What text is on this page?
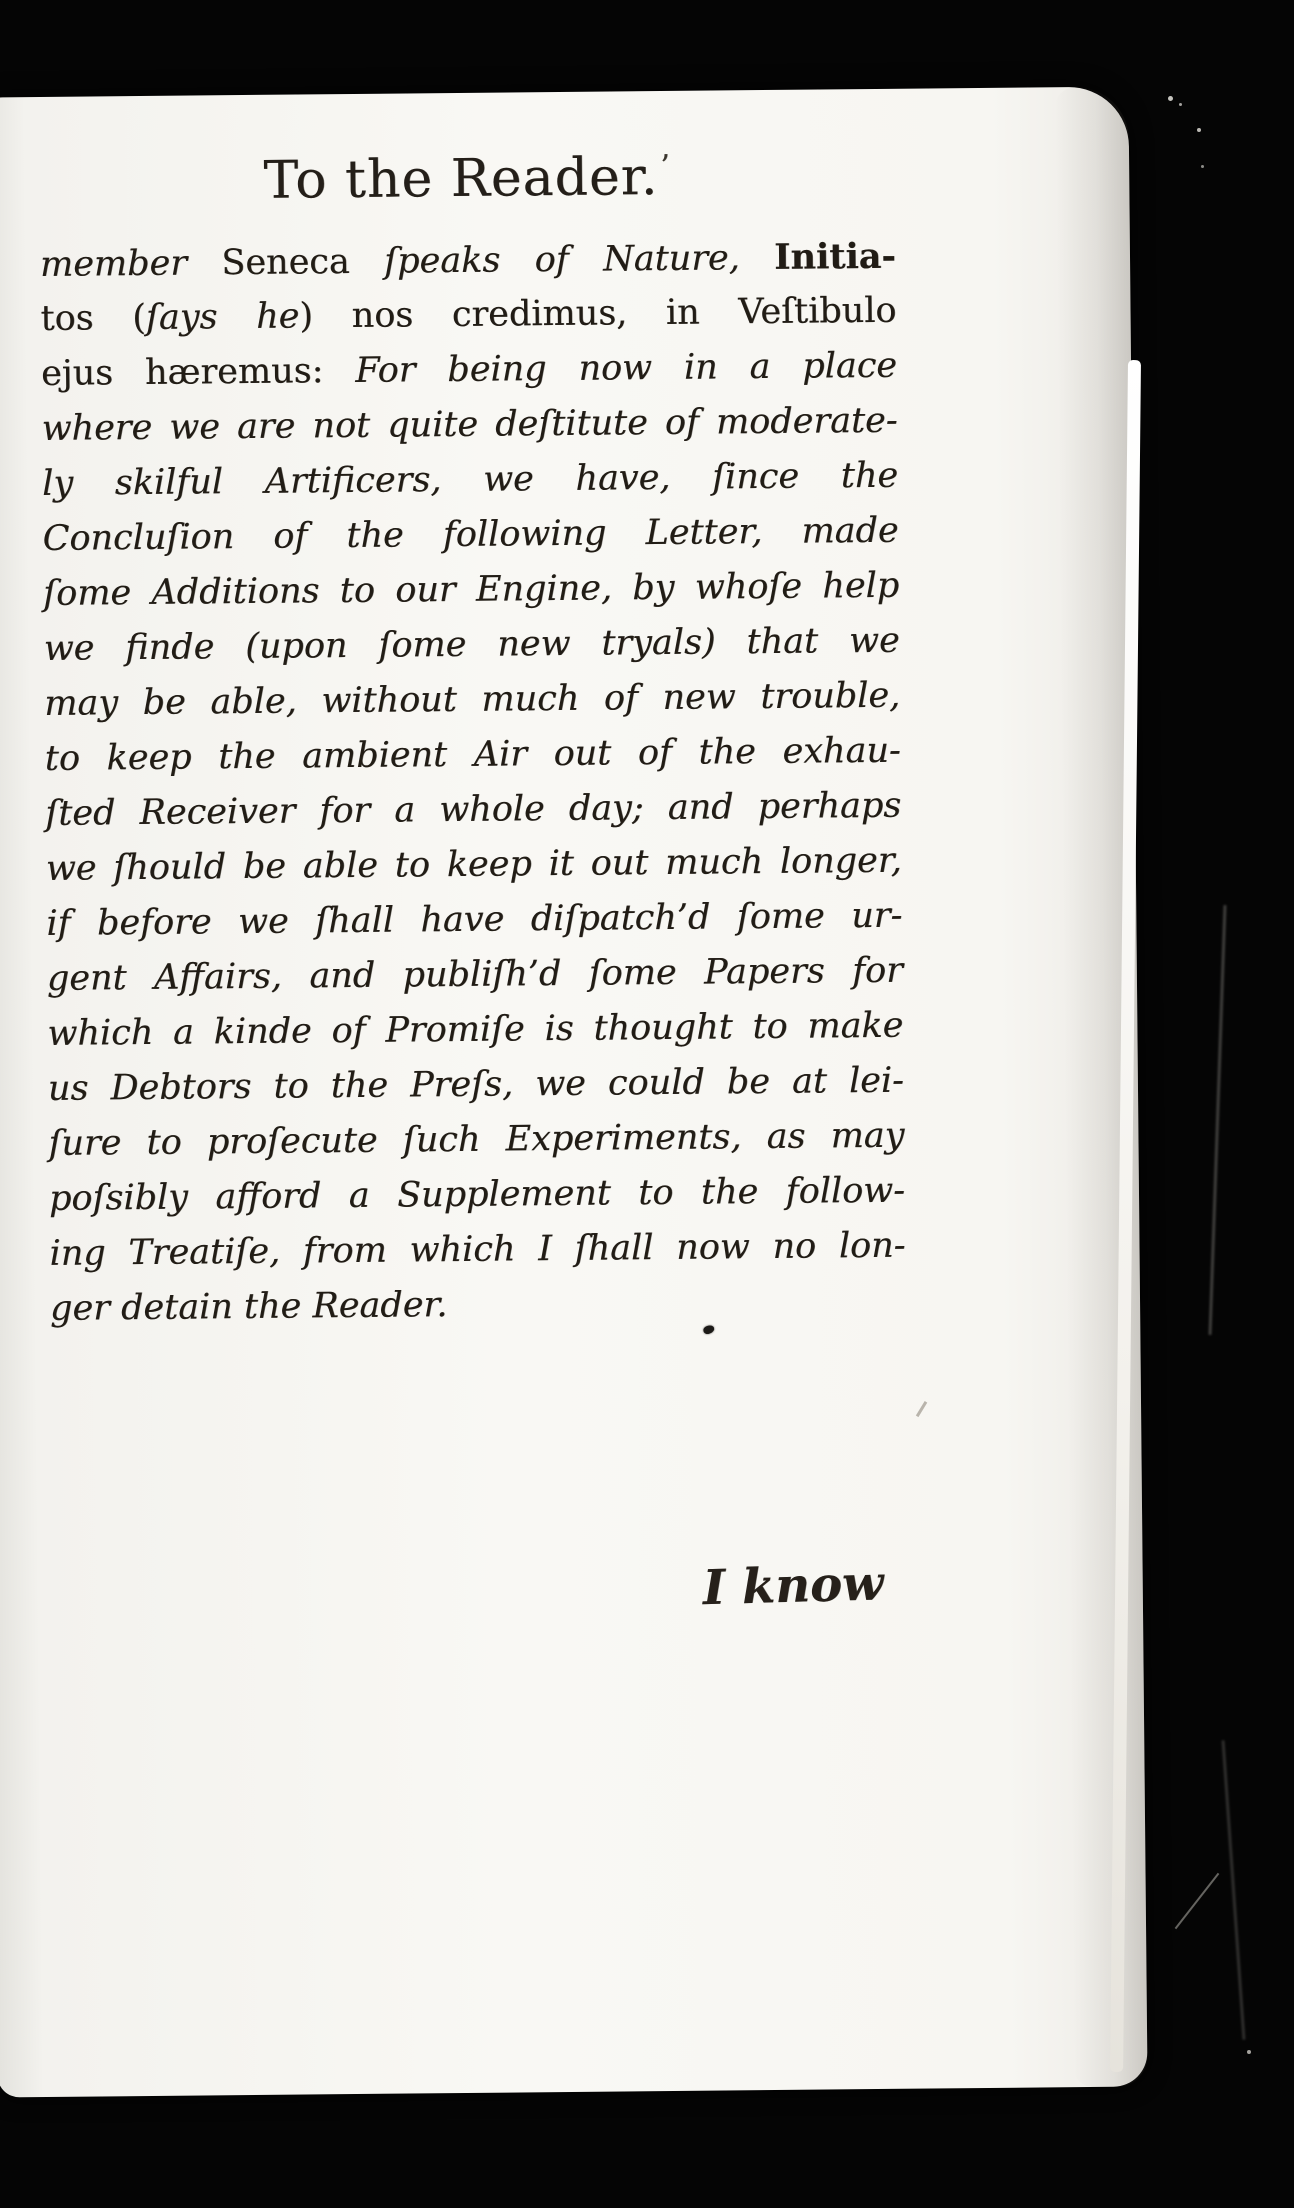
To the Reader.’
member Seneca ſpeaks of Nature, Initia-
tos (ſays he) nos credimus, in Veſtibulo
ejus hæremus: For being now in a place
where we are not quite deſtitute of moderate-
ly skilful Artificers, we have, ſince the
Concluſion of the following Letter, made
ſome Additions to our Engine, by whoſe help
we finde (upon ſome new tryals) that we
may be able, without much of new trouble,
to keep the ambient Air out of the exhau-
ſted Receiver for a whole day; and perhaps
we ſhould be able to keep it out much longer,
if before we ſhall have diſpatch’d ſome ur-
gent Affairs, and publiſh’d ſome Papers for
which a kinde of Promiſe is thought to make
us Debtors to the Preſs, we could be at lei-
ſure to proſecute ſuch Experiments, as may
poſsibly afford a Supplement to the follow-
ing Treatiſe, from which I ſhall now no lon-
ger detain the Reader.
I know
